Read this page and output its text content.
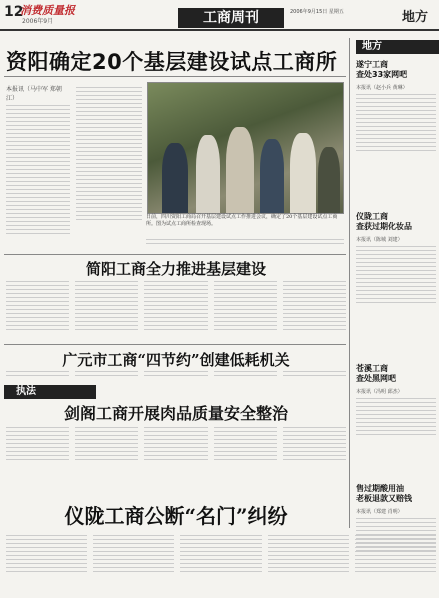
12
消费质量报
2006年9月	工商周刊	2006年9月15日 星期五	地方
资阳确定20个基层建设试点工商所
本报讯（马中军 郑朝江）
日前，四川资阳工商局召开基层建设试点工作推进会议，确定了20个基层建设试点工商所。图为试点工商所检查现场。
简阳工商全力推进基层建设
广元市工商“四节约”创建低耗机关
执法
剑阁工商开展肉品质量安全整治
仪陇工商公断“名门”纠纷
地方
遂宁工商
查处33家网吧
本报讯（赵小兵 黄琳）
仪陇工商
查获过期化妆品
本报讯（陈城 刘建）
苍溪工商
查处黑网吧
本报讯（冯明 邱杰）
售过期酸用油
老板退款又赔钱
本报讯（郑建 肖明）
